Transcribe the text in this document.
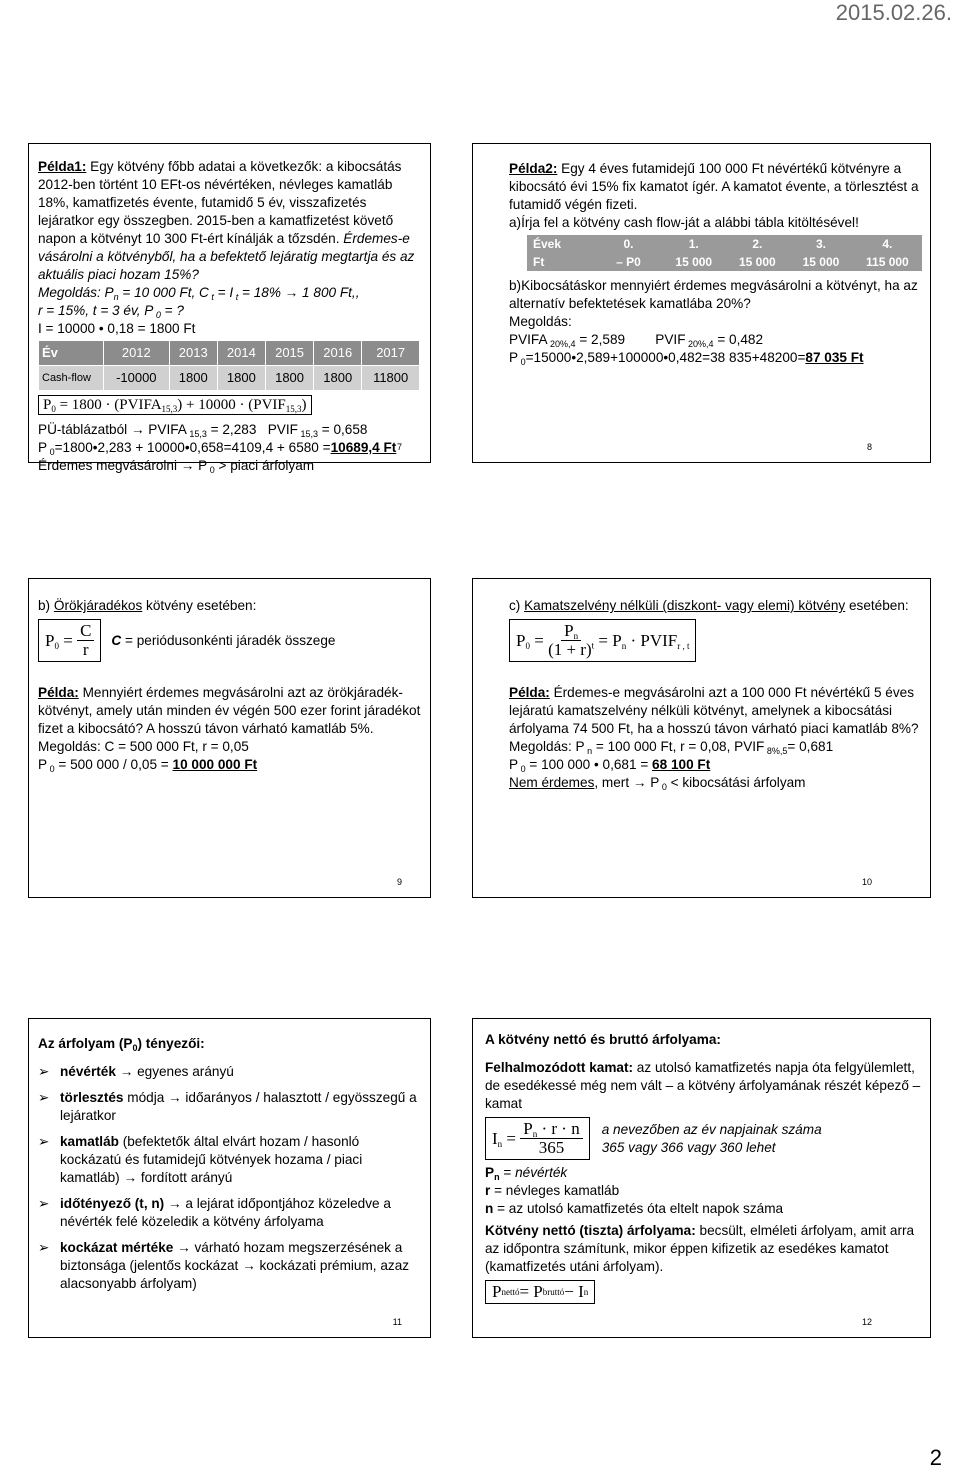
2015.02.26.

Példa1: Egy kötvény főbb adatai a következők: a kibocsátás 2012-ben történt 10 EFt-os névértéken, névleges kamatláb 18%, kamatfizetés évente, futamidő 5 év, visszafizetés lejáratkor egy összegben. 2015-ben a kamatfizetést követő napon a kötvényt 10 300 Ft-ért kínálják a tőzsdén. Érdemes-e vásárolni a kötvényből, ha a befektető lejáratig megtartja és az aktuális piaci hozam 15%?

Megoldás: $P_n = 10$ 000 Ft, C $_t$ = I $_t$ = 18% → 1 800 Ft,,

r = 15%, t = 3 év, P $_0$ = ?

I = 10000 • 0,18 = 1800 Ft

Év	2012	2013	2014	2015	2016	2017
Cash-flow	-10000	1800	1800	1800	1800	11800
$P_0 = 1800$ · $(PVIFA_{15,3}) + 10000$ · $(PVIF_{15,3})$

PÜ-táblázatból → PVIFA $_{15,3}$ = 2,283   PVIF $_{15,3}$ = 0,658

P $_0$=1800•2,283 + 10000•0,658=4109,4 + 6580 =10689,4 Ft

Érdemes megvásárolni → P $_0$ > piaci árfolyam

7

Példa2: Egy 4 éves futamidejű 100 000 Ft névértékű kötvényre a kibocsátó évi 15% fix kamatot ígér. A kamatot évente, a törlesztést a futamidő végén fizeti.

a)Írja fel a kötvény cash flow-ját a alábbi tábla kitöltésével!

Évek	0.	1.	2.	3.	4.
Ft	– P0	15 000	15 000	15 000	115 000

b)Kibocsátáskor mennyiért érdemes megvásárolni a kötvényt, ha az alternatív befektetések kamatlába 20%?

Megoldás:

PVIFA $_{20\%,4}$ = 2,589        PVIF $_{20\%,4}$ = 0,482

P $_0$=15000•2,589+100000•0,482=38 835+48200=87 035 Ft

8

b) Örökjáradékos kötvény esetében:

$P_0 = \frac{C}{r}$ C = periódusonkénti járadék összege

Példa: Mennyiért érdemes megvásárolni azt az örökjáradék-kötvényt, amely után minden év végén 500 ezer forint járadékot fizet a kibocsátó? A hosszú távon várható kamatláb 5%.

Megoldás: C = 500 000 Ft, r = 0,05

P $_0$ = 500 000 / 0,05 = 10 000 000 Ft

9

c) Kamatszelvény nélküli (diszkont- vagy elemi) kötvény esetében:

$P_0 = \frac{P_n}{(1 + r)^t} = P_n$ · $PVIF_{r , t}$

Példa: Érdemes-e megvásárolni azt a 100 000 Ft névértékű 5 éves lejáratú kamatszelvény nélküli kötvényt, amelynek a kibocsátási árfolyama 74 500 Ft, ha a hosszú távon várható piaci kamatláb 8%?

Megoldás: P $_n$ = 100 000 Ft, r = 0,08, PVIF $_{8\%,5}$= 0,681

P $_0$ = 100 000 • 0,681 = 68 100 Ft

Nem érdemes, mert → P $_0$ < kibocsátási árfolyam

10

Az árfolyam $(P_0)$ tényezői:

➢ névérték → egyenes arányú
➢ törlesztés módja → időarányos / halasztott / egyösszegű a lejáratkor
➢ kamatláb (befektetők által elvárt hozam / hasonló kockázatú és futamidejű kötvények hozama / piaci kamatláb) → fordított arányú
➢ időtényező (t, n) → a lejárat időpontjához közeledve a névérték felé közeledik a kötvény árfolyama
➢ kockázat mértéke → várható hozam megszerzésének a biztonsága (jelentős kockázat → kockázati prémium, azaz alacsonyabb árfolyam)
11

A kötvény nettó és bruttó árfolyama:

Felhalmozódott kamat: az utolsó kamatfizetés napja óta felgyülemlett, de esedékessé még nem vált – a kötvény árfolyamának részét képező – kamat

$I_n = \frac{P_n \cdot r \cdot n}{365}$ a nevezőben az év napjainak száma 365 vagy 366 vagy 360 lehet

$P_n$ = névérték

r = névleges kamatláb

n = az utolsó kamatfizetés óta eltelt napok száma

Kötvény nettó (tiszta) árfolyama: becsült, elméleti árfolyam, amit arra az időpontra számítunk, mikor éppen kifizetik az esedékes kamatot (kamatfizetés utáni árfolyam).

P nettó = P bruttó − I n
12
2
